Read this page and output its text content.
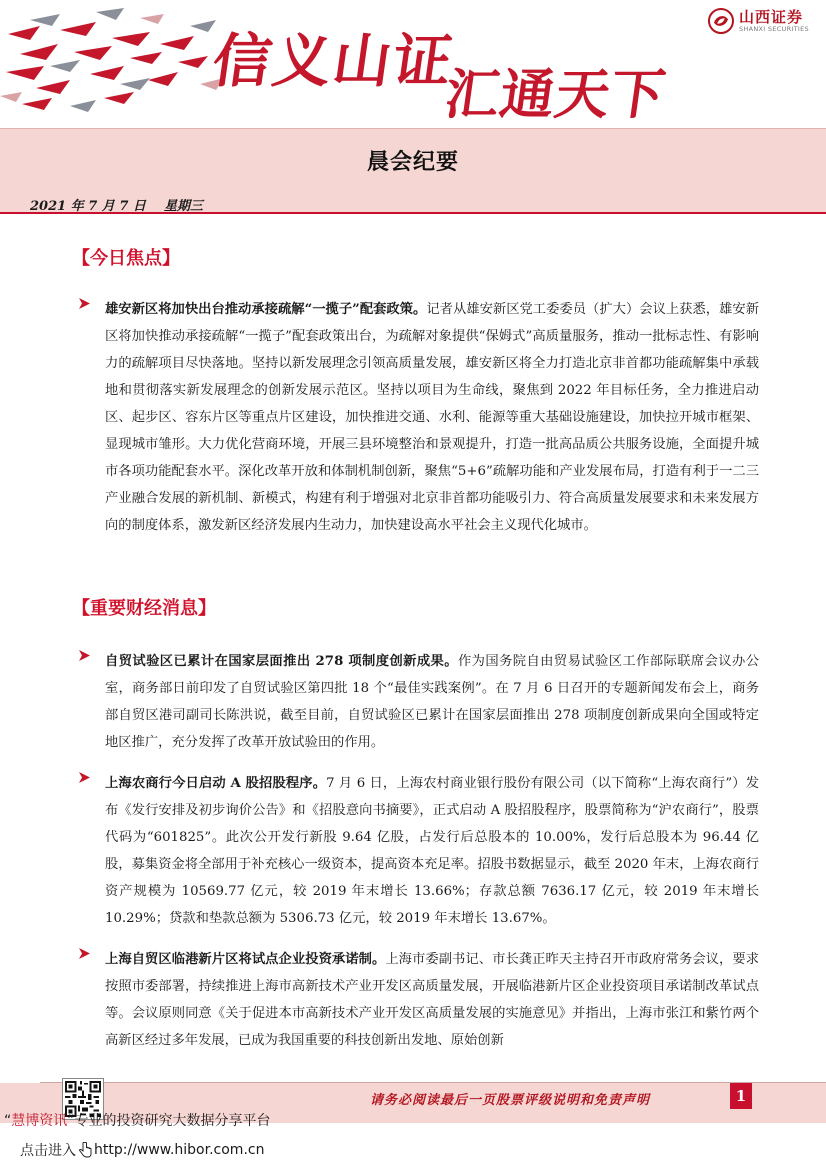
信义山证
汇通天下
山西证券
SHANXI SECURITIES
晨会纪要
2021 年 7 月 7 日    星期三
【今日焦点】

雄安新区将加快出台推动承接疏解“一揽子”配套政策。记者从雄安新区党工委委员（扩大）会议上获悉，雄安新区将加快推动承接疏解“一揽子”配套政策出台，为疏解对象提供“保姆式”高质量服务，推动一批标志性、有影响力的疏解项目尽快落地。坚持以新发展理念引领高质量发展，雄安新区将全力打造北京非首都功能疏解集中承载地和贯彻落实新发展理念的创新发展示范区。坚持以项目为生命线，聚焦到 2022 年目标任务，全力推进启动区、起步区、容东片区等重点片区建设，加快推进交通、水利、能源等重大基础设施建设，加快拉开城市框架、显现城市雏形。大力优化营商环境，开展三县环境整治和景观提升，打造一批高品质公共服务设施，全面提升城市各项功能配套水平。深化改革开放和体制机制创新，聚焦“5+6”疏解功能和产业发展布局，打造有利于一二三产业融合发展的新机制、新模式，构建有利于增强对北京非首都功能吸引力、符合高质量发展要求和未来发展方向的制度体系，激发新区经济发展内生动力，加快建设高水平社会主义现代化城市。

【重要财经消息】

自贸试验区已累计在国家层面推出 278 项制度创新成果。作为国务院自由贸易试验区工作部际联席会议办公室，商务部日前印发了自贸试验区第四批 18 个“最佳实践案例”。在 7 月 6 日召开的专题新闻发布会上，商务部自贸区港司副司长陈洪说，截至目前，自贸试验区已累计在国家层面推出 278 项制度创新成果向全国或特定地区推广，充分发挥了改革开放试验田的作用。

上海农商行今日启动 A 股招股程序。7 月 6 日，上海农村商业银行股份有限公司（以下简称“上海农商行”）发布《发行安排及初步询价公告》和《招股意向书摘要》，正式启动 A 股招股程序，股票简称为“沪农商行”，股票代码为“601825”。此次公开发行新股 9.64 亿股，占发行后总股本的 10.00%，发行后总股本为 96.44 亿股，募集资金将全部用于补充核心一级资本，提高资本充足率。招股书数据显示，截至 2020 年末，上海农商行资产规模为 10569.77 亿元，较 2019 年末增长 13.66%；存款总额 7636.17 亿元，较 2019 年末增长 10.29%；贷款和垫款总额为 5306.73 亿元，较 2019 年末增长 13.67%。

上海自贸区临港新片区将试点企业投资承诺制。上海市委副书记、市长龚正昨天主持召开市政府常务会议，要求按照市委部署，持续推进上海市高新技术产业开发区高质量发展，开展临港新片区企业投资项目承诺制改革试点等。会议原则同意《关于促进本市高新技术产业开发区高质量发展的实施意见》并指出，上海市张江和紫竹两个高新区经过多年发展，已成为我国重要的科技创新出发地、原始创新

请务必阅读最后一页股票评级说明和免责声明	1
“慧博资讯”专业的投资研究大数据分享平台
点击进入 http://www.hibor.com.cn
